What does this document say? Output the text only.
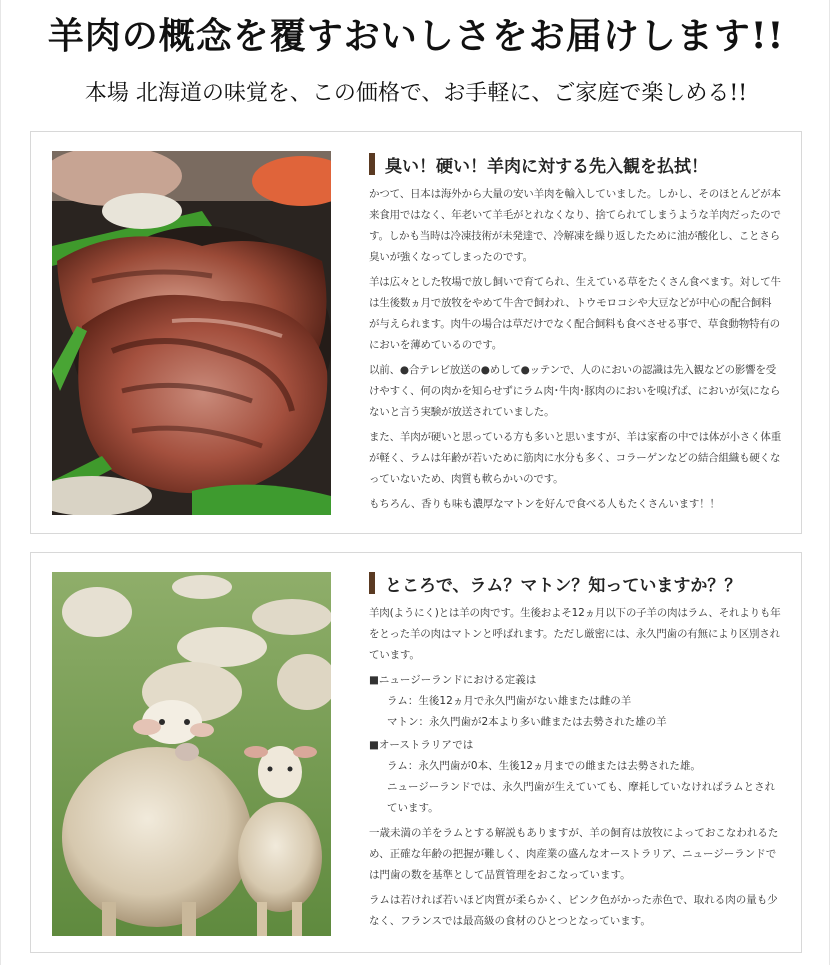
羊肉の概念を覆すおいしさをお届けします!!
本場 北海道の味覚を、この価格で、お手軽に、ご家庭で楽しめる!!
臭い！硬い！羊肉に対する先入観を払拭！

かつて、日本は海外から大量の安い羊肉を輸入していました。しかし、そのほとんどが本来食用ではなく、年老いて羊毛がとれなくなり、捨てられてしまうような羊肉だったのです。しかも当時は冷凍技術が未発達で、冷解凍を繰り返したために油が酸化し、ことさら臭いが強くなってしまったのです。

羊は広々とした牧場で放し飼いで育てられ、生えている草をたくさん食べます。対して牛は生後数ヵ月で放牧をやめて牛舎で飼われ、トウモロコシや大豆などが中心の配合飼料が与えられます。肉牛の場合は草だけでなく配合飼料も食べさせる事で、草食動物特有のにおいを薄めているのです。

以前、●合テレビ放送の●めして●ッテンで、人のにおいの認識は先入観などの影響を受けやすく、何の肉かを知らせずにラム肉･牛肉･豚肉のにおいを嗅げば、においが気にならないと言う実験が放送されていました。

また、羊肉が硬いと思っている方も多いと思いますが、羊は家畜の中では体が小さく体重が軽く、ラムは年齢が若いために筋肉に水分も多く、コラーゲンなどの結合組織も硬くなっていないため、肉質も軟らかいのです。

もちろん、香りも味も濃厚なマトンを好んで食べる人もたくさんいます！！

ところで、ラム？マトン？知っていますか？？

羊肉(ようにく)とは羊の肉です。生後およそ12ヵ月以下の子羊の肉はラム、それよりも年をとった羊の肉はマトンと呼ばれます。ただし厳密には、永久門歯の有無により区別されています。

■ニュージーランドにおける定義は

ラム：生後12ヵ月で永久門歯がない雄または雌の羊

マトン：永久門歯が2本より多い雌または去勢された雄の羊

■オーストラリアでは

ラム：永久門歯が0本、生後12ヵ月までの雌または去勢された雄。

ニュージーランドでは、永久門歯が生えていても、摩耗していなければラムとされています。

一歳未満の羊をラムとする解説もありますが、羊の飼育は放牧によっておこなわれるため、正確な年齢の把握が難しく、肉産業の盛んなオーストラリア、ニュージーランドでは門歯の数を基準として品質管理をおこなっています。

ラムは若ければ若いほど肉質が柔らかく、ピンク色がかった赤色で、取れる肉の量も少なく、フランスでは最高級の食材のひとつとなっています。
